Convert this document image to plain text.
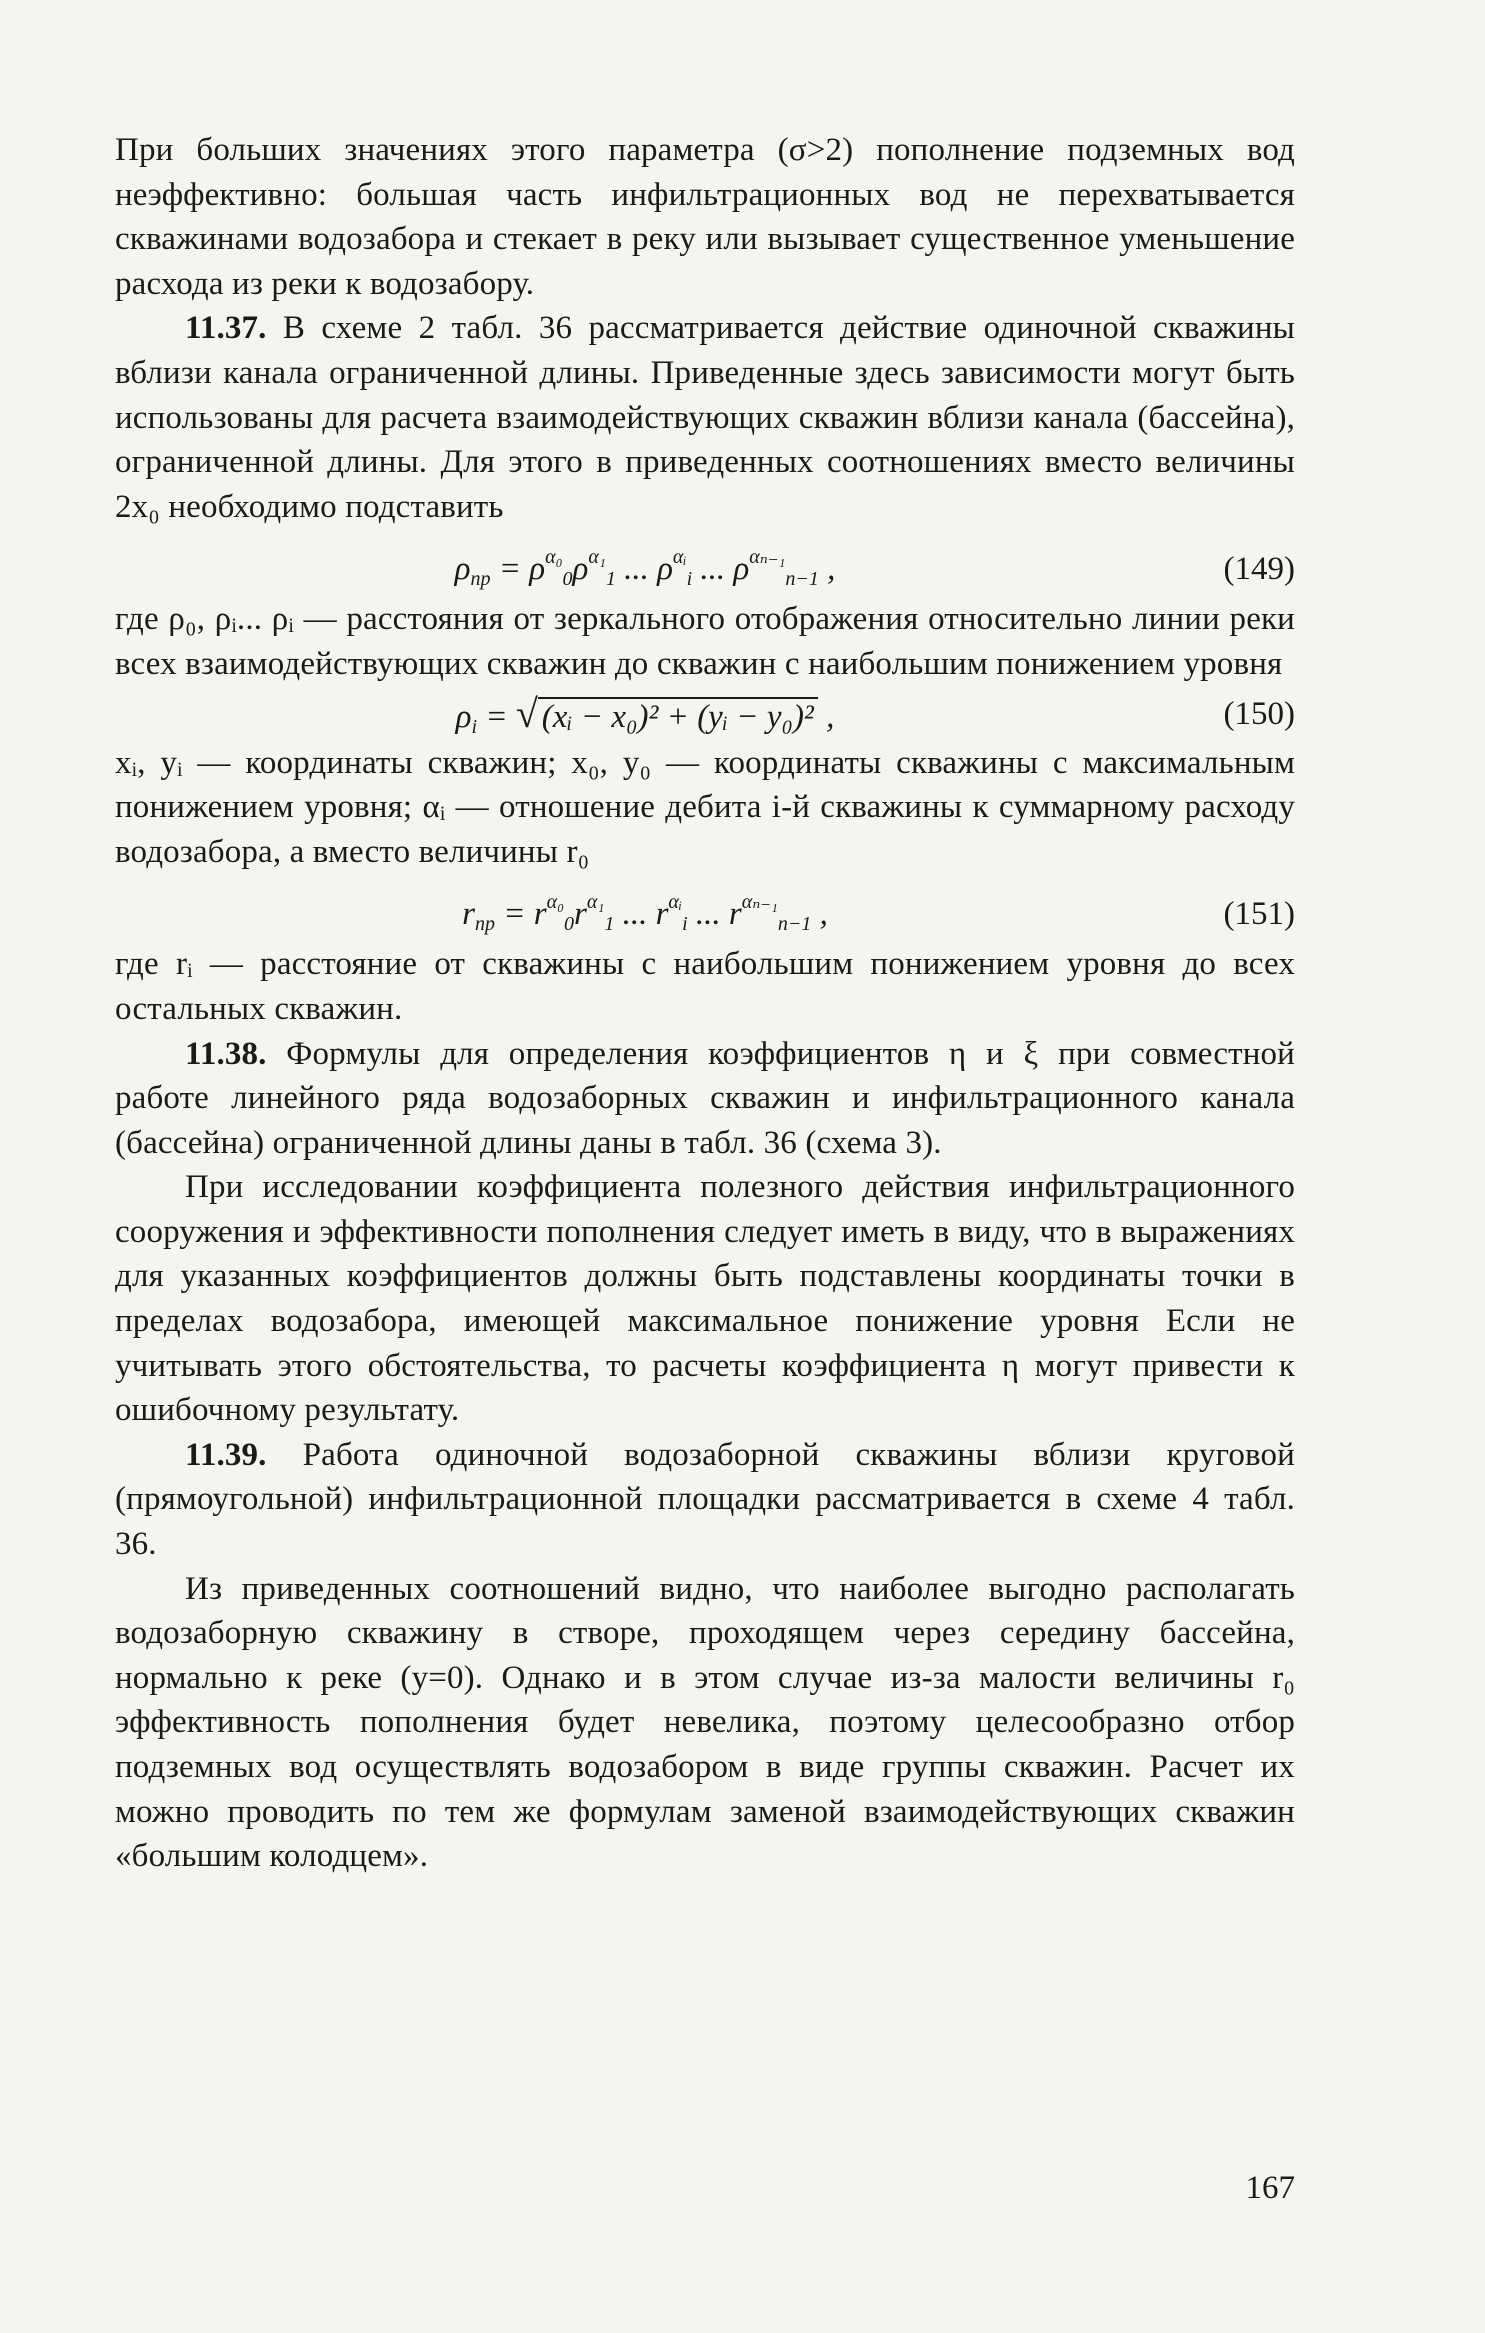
При больших значениях этого параметра (σ>2) пополнение подземных вод неэффективно: большая часть инфильтрационных вод не перехватывается скважинами водозабора и стекает в реку или вызывает существенное уменьшение расхода из реки к водозабору.

11.37. В схеме 2 табл. 36 рассматривается действие одиночной скважины вблизи канала ограниченной длины. Приведенные здесь зависимости могут быть использованы для расчета взаимодействующих скважин вблизи канала (бассейна), ограниченной длины. Для этого в приведенных соотношениях вместо величины 2x₀ необходимо подставить

$\rho_{пр} = \rho^{\alpha_0}_0\rho^{\alpha_1}_1$ ... $\rho^{\alpha ᵢ}_i$ ... $\rho^{\alpha_{n-1}}_{n-1}$ ,	(149)

где ρ₀, ρᵢ... ρᵢ — расстояния от зеркального отображения относительно линии реки всех взаимодействующих скважин до скважин с наибольшим понижением уровня

$\rho_i$ = √ (xᵢ − x₀)² + (yᵢ − y₀)² ,	(150)

xᵢ, yᵢ — координаты скважин; x₀, y₀ — координаты скважины с максимальным понижением уровня; αᵢ — отношение дебита i-й скважины к суммарному расходу водозабора, а вместо величины r₀

$r_{пр} = r^{\alpha_0}_0r^{\alpha_1}_1$ ... $r^{\alpha ᵢ}_i$ ... $r^{\alpha_{n-1}}_{n-1}$ ,	(151)

где rᵢ — расстояние от скважины с наибольшим понижением уровня до всех остальных скважин.

11.38. Формулы для определения коэффициентов η и ξ при совместной работе линейного ряда водозаборных скважин и инфильтрационного канала (бассейна) ограниченной длины даны в табл. 36 (схема 3).

При исследовании коэффициента полезного действия инфильтрационного сооружения и эффективности пополнения следует иметь в виду, что в выражениях для указанных коэффициентов должны быть подставлены координаты точки в пределах водозабора, имеющей максимальное понижение уровня Если не учитывать этого обстоятельства, то расчеты коэффициента η могут привести к ошибочному результату.

11.39. Работа одиночной водозаборной скважины вблизи круговой (прямоугольной) инфильтрационной площадки рассматривается в схеме 4 табл. 36.

Из приведенных соотношений видно, что наиболее выгодно располагать водозаборную скважину в створе, проходящем через середину бассейна, нормально к реке (y=0). Однако и в этом случае из-за малости величины r₀ эффективность пополнения будет невелика, поэтому целесообразно отбор подземных вод осуществлять водозабором в виде группы скважин. Расчет их можно проводить по тем же формулам заменой взаимодействующих скважин «большим колодцем».

167
